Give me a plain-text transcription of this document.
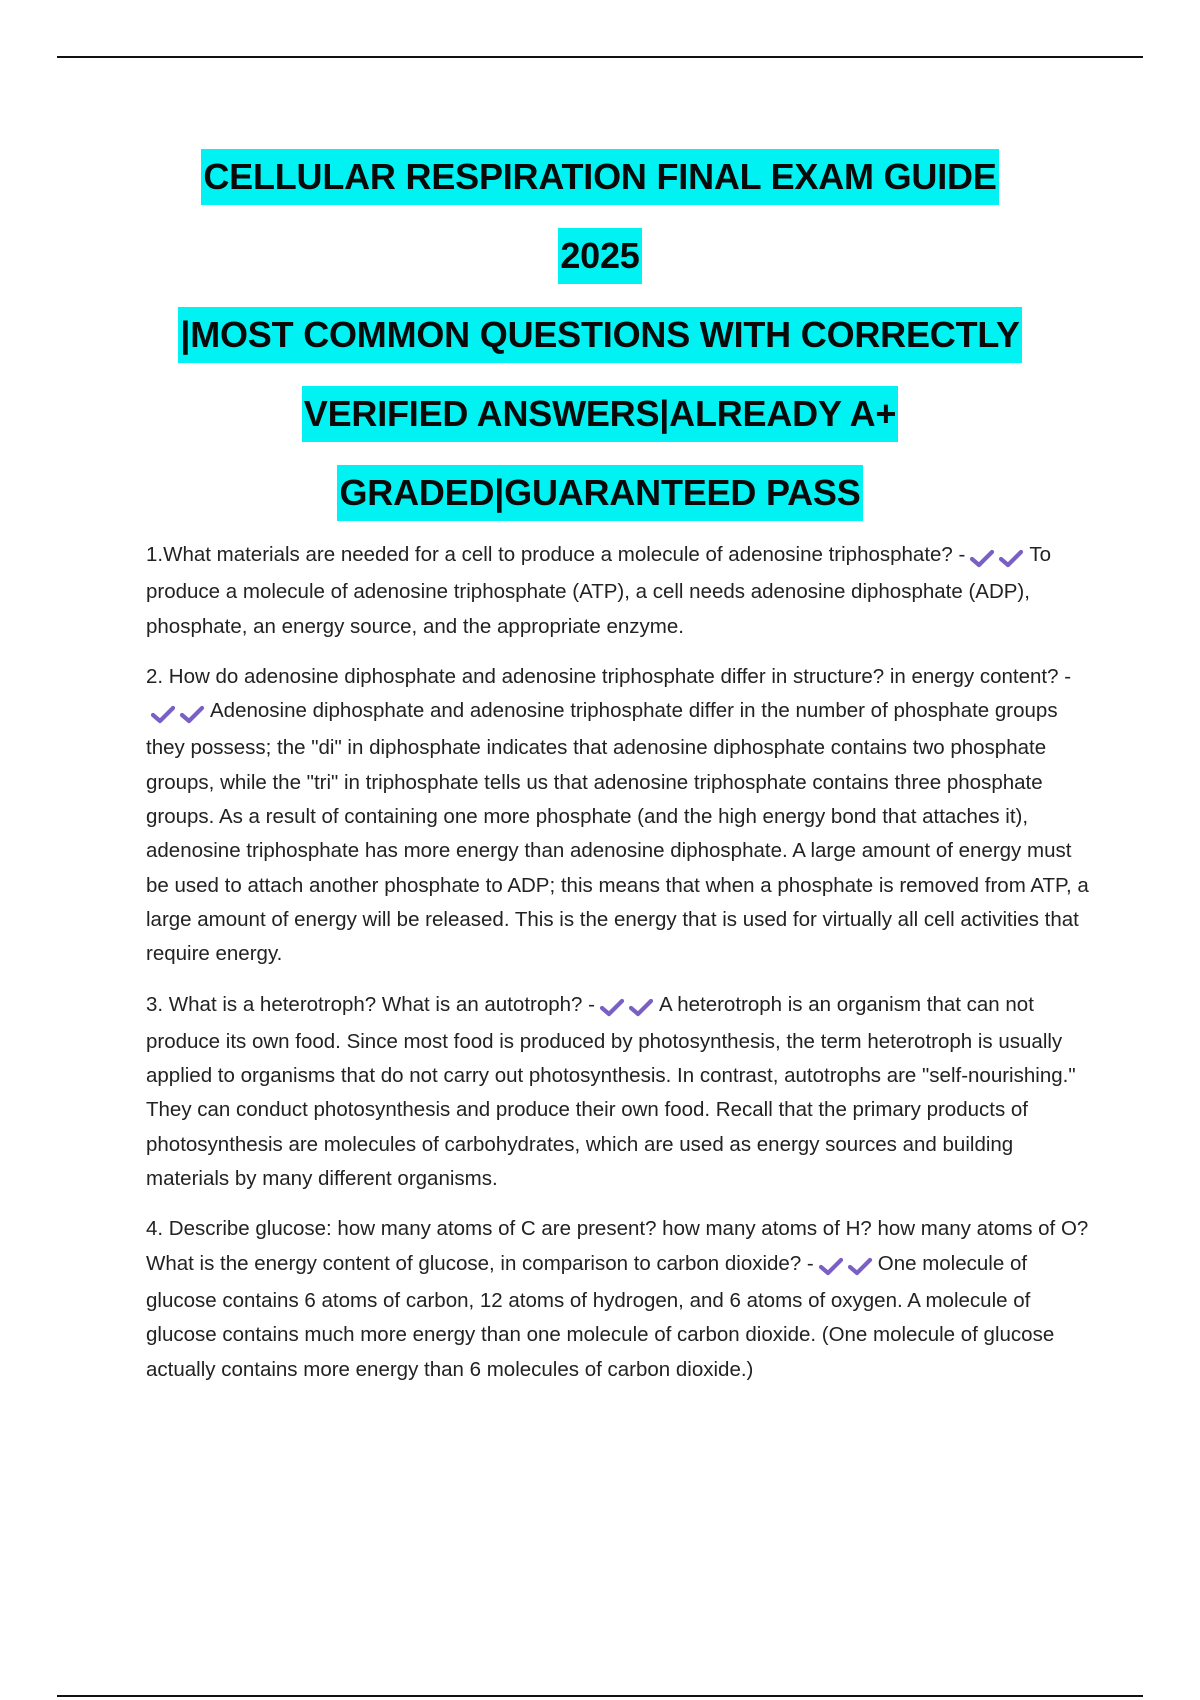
CELLULAR RESPIRATION FINAL EXAM GUIDE

2025

|MOST COMMON QUESTIONS WITH CORRECTLY

VERIFIED ANSWERS|ALREADY A+

GRADED|GUARANTEED PASS

1.What materials are needed for a cell to produce a molecule of adenosine triphosphate? -	To produce a molecule of adenosine triphosphate (ATP), a cell needs adenosine diphosphate (ADP), phosphate, an energy source, and the appropriate enzyme.

2. How do adenosine diphosphate and adenosine triphosphate differ in structure? in energy content? -Adenosine diphosphate and adenosine triphosphate differ in the number of phosphate groups they possess; the "di" in diphosphate indicates that adenosine diphosphate contains two phosphate groups, while the "tri" in triphosphate tells us that adenosine triphosphate contains three phosphate groups. As a result of containing one more phosphate (and the high energy bond that attaches it), adenosine triphosphate has more energy than adenosine diphosphate. A large amount of energy must be used to attach another phosphate to ADP; this means that when a phosphate is removed from ATP, a large amount of energy will be released. This is the energy that is used for virtually all cell activities that require energy.

3. What is a heterotroph? What is an autotroph? -	A heterotroph is an organism that can not produce its own food. Since most food is produced by photosynthesis, the term heterotroph is usually applied to organisms that do not carry out photosynthesis. In contrast, autotrophs are "self-nourishing." They can conduct photosynthesis and produce their own food. Recall that the primary products of photosynthesis are molecules of carbohydrates, which are used as energy sources and building materials by many different organisms.

4. Describe glucose: how many atoms of C are present? how many atoms of H? how many atoms of O? What is the energy content of glucose, in comparison to carbon dioxide? -	One molecule of glucose contains 6 atoms of carbon, 12 atoms of hydrogen, and 6 atoms of oxygen. A molecule of glucose contains much more energy than one molecule of carbon dioxide. (One molecule of glucose actually contains more energy than 6 molecules of carbon dioxide.)
